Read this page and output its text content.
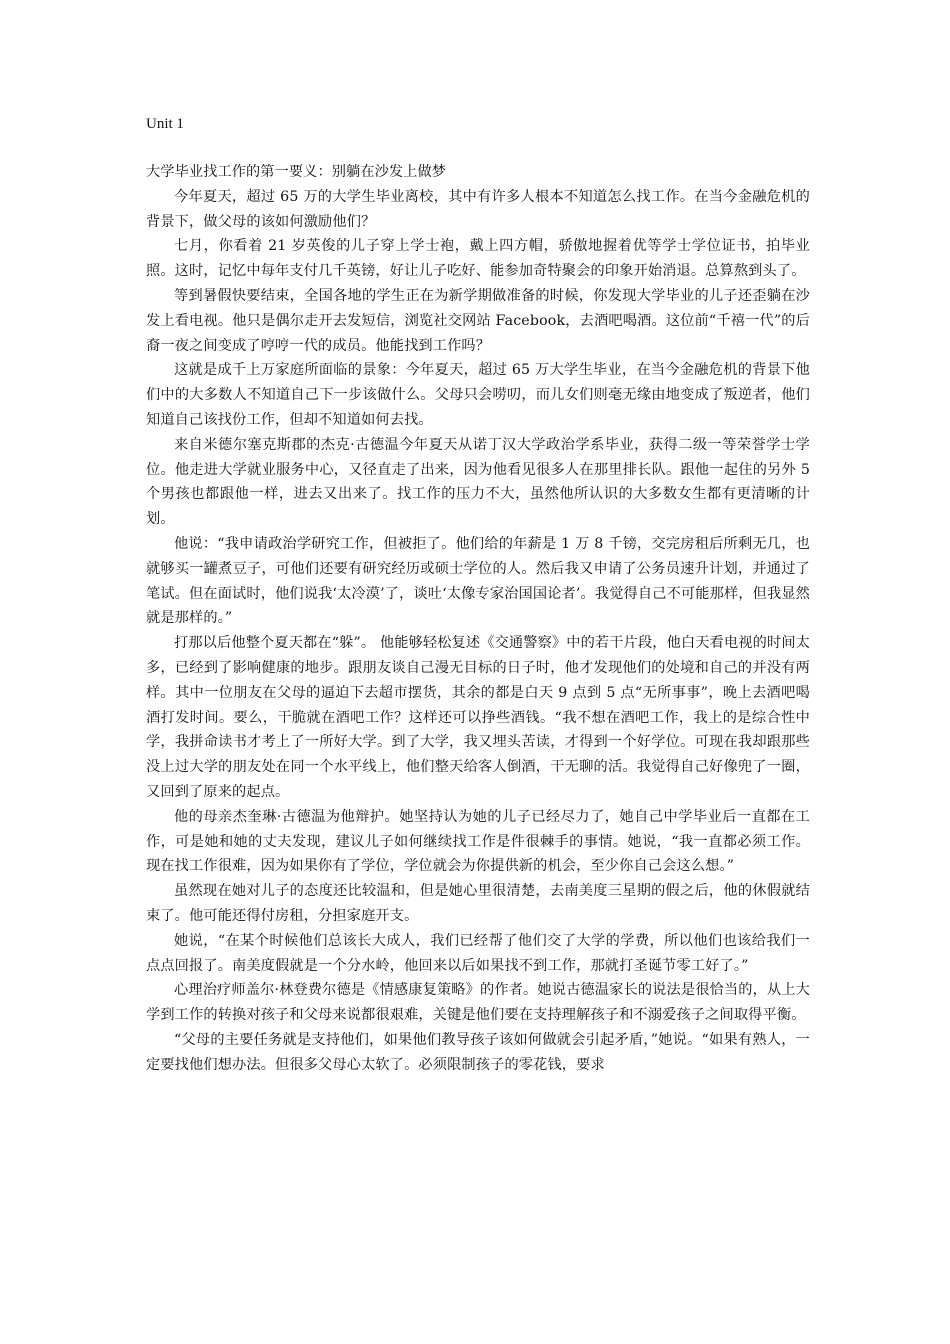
Unit 1

大学毕业找工作的第一要义：别躺在沙发上做梦

今年夏天，超过 65 万的大学生毕业离校，其中有许多人根本不知道怎么找工作。在当今金融危机的背景下，做父母的该如何激励他们？

七月，你看着 21 岁英俊的儿子穿上学士袍，戴上四方帽，骄傲地握着优等学士学位证书，拍毕业照。这时，记忆中每年支付几千英镑，好让儿子吃好、能参加奇特聚会的印象开始消退。总算熬到头了。

等到暑假快要结束，全国各地的学生正在为新学期做准备的时候，你发现大学毕业的儿子还歪躺在沙发上看电视。他只是偶尔走开去发短信，浏览社交网站 Facebook，去酒吧喝酒。这位前“千禧一代”的后裔一夜之间变成了哼哼一代的成员。他能找到工作吗？

这就是成千上万家庭所面临的景象：今年夏天，超过 65 万大学生毕业，在当今金融危机的背景下他们中的大多数人不知道自己下一步该做什么。父母只会唠叨，而儿女们则毫无缘由地变成了叛逆者，他们知道自己该找份工作，但却不知道如何去找。

来自米德尔塞克斯郡的杰克·古德温今年夏天从诺丁汉大学政治学系毕业，获得二级一等荣誉学士学位。他走进大学就业服务中心，又径直走了出来，因为他看见很多人在那里排长队。跟他一起住的另外 5 个男孩也都跟他一样，进去又出来了。找工作的压力不大，虽然他所认识的大多数女生都有更清晰的计划。

他说：“我申请政治学研究工作，但被拒了。他们给的年薪是 1 万 8 千镑，交完房租后所剩无几，也就够买一罐煮豆子，可他们还要有研究经历或硕士学位的人。然后我又申请了公务员速升计划，并通过了笔试。但在面试时，他们说我‘太冷漠’了，谈吐‘太像专家治国国论者’。我觉得自己不可能那样，但我显然就是那样的。”

打那以后他整个夏天都在“躲”。 他能够轻松复述《交通警察》中的若干片段，他白天看电视的时间太多，已经到了影响健康的地步。跟朋友谈自己漫无目标的日子时，他才发现他们的处境和自己的并没有两样。其中一位朋友在父母的逼迫下去超市摆货，其余的都是白天 9 点到 5 点“无所事事”，晚上去酒吧喝酒打发时间。要么，干脆就在酒吧工作？这样还可以挣些酒钱。“我不想在酒吧工作，我上的是综合性中学，我拼命读书才考上了一所好大学。到了大学，我又埋头苦读，才得到一个好学位。可现在我却跟那些没上过大学的朋友处在同一个水平线上，他们整天给客人倒酒，干无聊的活。我觉得自己好像兜了一圈，又回到了原来的起点。

他的母亲杰奎琳·古德温为他辩护。她坚持认为她的儿子已经尽力了，她自己中学毕业后一直都在工作，可是她和她的丈夫发现，建议儿子如何继续找工作是件很棘手的事情。她说，“我一直都必须工作。现在找工作很难，因为如果你有了学位，学位就会为你提供新的机会，至少你自己会这么想。”

虽然现在她对儿子的态度还比较温和，但是她心里很清楚，去南美度三星期的假之后，他的休假就结束了。他可能还得付房租，分担家庭开支。

她说，“在某个时候他们总该长大成人，我们已经帮了他们交了大学的学费，所以他们也该给我们一点点回报了。南美度假就是一个分水岭，他回来以后如果找不到工作，那就打圣诞节零工好了。”

心理治疗师盖尔·林登费尔德是《情感康复策略》的作者。她说古德温家长的说法是很恰当的，从上大学到工作的转换对孩子和父母来说都很艰难，关键是他们要在支持理解孩子和不溺爱孩子之间取得平衡。

“父母的主要任务就是支持他们，如果他们教导孩子该如何做就会引起矛盾，”她说。“如果有熟人，一定要找他们想办法。但很多父母心太软了。必须限制孩子的零花钱，要求
